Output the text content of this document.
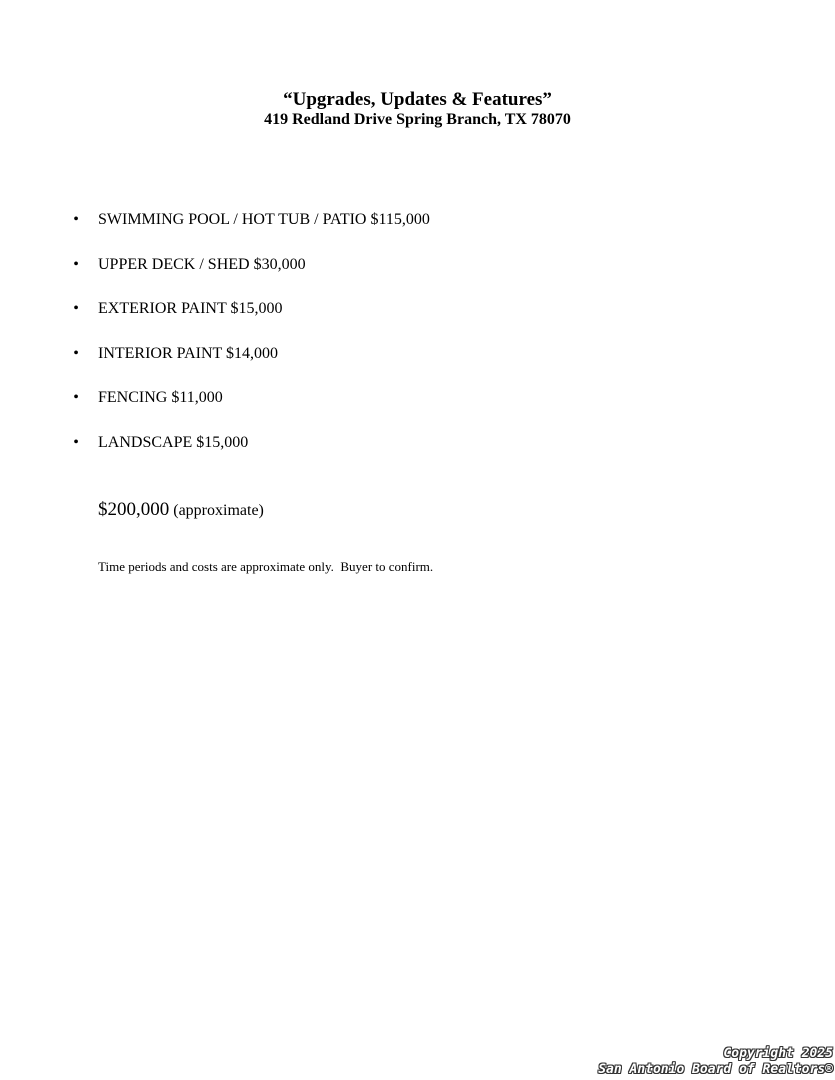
“Upgrades, Updates & Features”
419 Redland Drive Spring Branch, TX 78070
• SWIMMING POOL / HOT TUB / PATIO $115,000
• UPPER DECK / SHED $30,000
• EXTERIOR PAINT $15,000
• INTERIOR PAINT $14,000
• FENCING $11,000
• LANDSCAPE $15,000
$200,000 (approximate)
Time periods and costs are approximate only.  Buyer to confirm.
Copyright 2025
San Antonio Board of Realtors®
